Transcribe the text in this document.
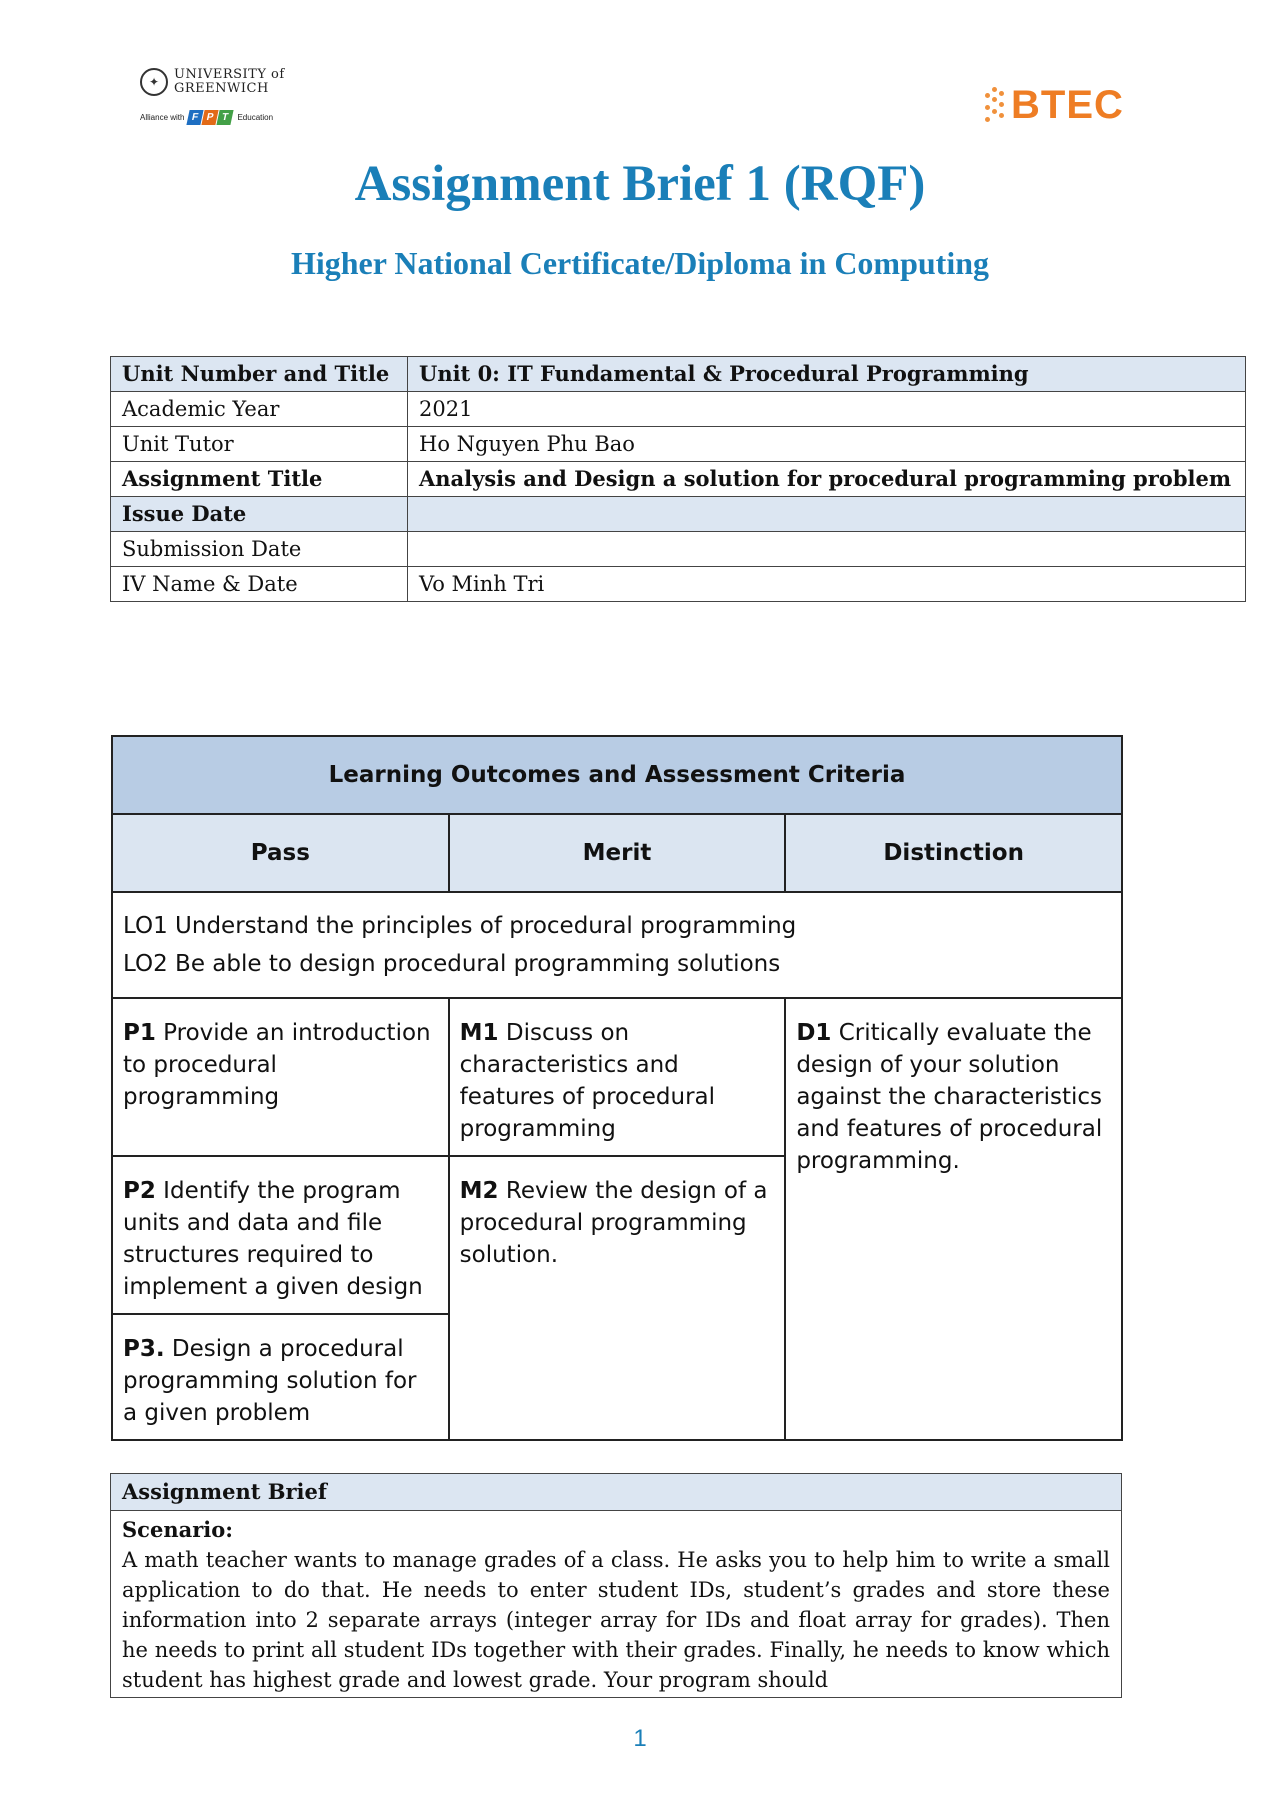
✦	UNIVERSITY of
GREENWICH
Alliance with F P T Education	BTEC
Assignment Brief 1 (RQF)
Higher National Certificate/Diploma in Computing
Unit Number and Title	Unit 0: IT Fundamental & Procedural Programming
Academic Year	2021
Unit Tutor	Ho Nguyen Phu Bao
Assignment Title	Analysis and Design a solution for procedural programming problem
Issue Date	
Submission Date	
IV Name & Date	Vo Minh Tri
Learning Outcomes and Assessment Criteria		
Pass	Merit	Distinction

LO1 Understand the principles of procedural programming
LO2 Be able to design procedural programming solutions		

P1 Provide an introduction to procedural programming	M1 Discuss on characteristics and features of procedural programming	D1 Critically evaluate the design of your solution against the characteristics and features of procedural programming.
P2 Identify the program units and data and file structures required to implement a given design	M2 Review the design of a procedural programming solution.	
P3. Design a procedural programming solution for a given problem		
Assignment Brief
Scenario:

A math teacher wants to manage grades of a class. He asks you to help him to write a small application to do that. He needs to enter student IDs, student’s grades and store these information into 2 separate arrays (integer array for IDs and float array for grades). Then he needs to print all student IDs together with their grades. Finally, he needs to know which student has highest grade and lowest grade. Your program should

1
